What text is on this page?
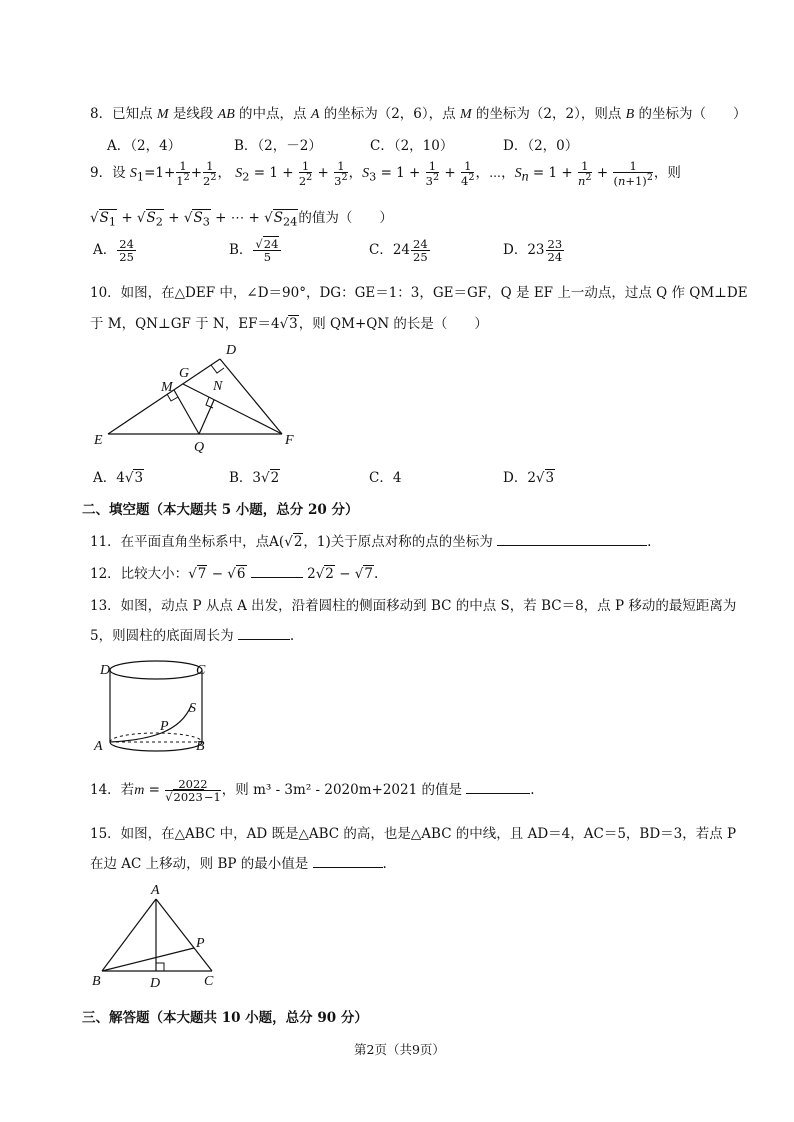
8．已知点 M 是线段 AB 的中点，点 A 的坐标为（2，6），点 M 的坐标为（2，2），则点 B 的坐标为（　　）
A．（2，4）	B．（2，－2）	C．（2，10）	D．（2，0）
9．设 $S_1=1+ \frac{1}{1^2} + \frac{1}{2^2}$ ， $S_2 = 1 + \frac{1}{2^2} + \frac{1}{3^2}$ ，$S_3 = 1 + \frac{1}{3^2} + \frac{1}{4^2}$ ，⋯，$S_n = 1 + \frac{1}{n^2} + \frac{1}{(n+1)^2}$ ，则
$√S_1 + √S_2 + √S_3$ + ⋯ + $√S_{24}$的值为（　　）
A． $\frac{24}{25}$	B． $\frac{√24}{5}$	C．$24 \frac{24}{25}$	D．$23 \frac{23}{24}$
10．如图，在△DEF 中，∠D＝90°，DG：GE＝1：3，GE＝GF，Q 是 EF 上一动点，过点 Q 作 QM⊥DE
于 M，QN⊥GF 于 N，EF＝4√3，则 QM+QN 的长是（　　）
D
G
M	N
E	Q	F
A．4√3	B．3√2	C．4	D．2√3
二、填空题（本大题共 5 小题，总分 20 分）
11．在平面直角坐标系中，点A(√2，1)关于原点对称的点的坐标为	.
12．比较大小：√7 − √6	2√2 − √7.
13．如图，动点 P 从点 A 出发，沿着圆柱的侧面移动到 BC 的中点 S，若 BC＝8，点 P 移动的最短距离为
5，则圆柱的底面周长为	.
D	C
P
S
A	B
14．若$m = \frac{2022}{√2023-1}$ ，则 m³ - 3m² - 2020m+2021 的值是	.
15．如图，在△ABC 中，AD 既是△ABC 的高，也是△ABC 的中线，且 AD＝4，AC＝5，BD＝3，若点 P
在边 AC 上移动，则 BP 的最小值是	.
A
P
B	D	C
三、解答题（本大题共 10 小题，总分 90 分）
第2页（共9页）
